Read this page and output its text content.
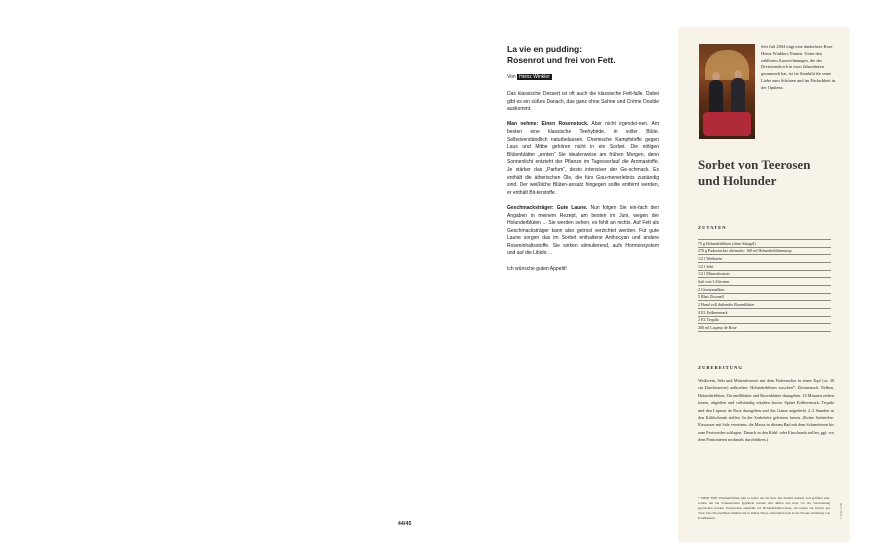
44/45
La vie en pudding:
Rosenrot und frei von Fett.
Von Heinz Winkler

Das klassische Dessert ist oft auch die klassische Fett-falle. Dabei gibt es ein süßes Danach, das ganz ohne Sahne und Crème Double auskommt.

Man nehme: Einen Rosenstock. Aber nicht irgendei-nen. Am besten eine klassische Teehybride, in voller Blüte. Selbstverständlich naturbelassen. Chemische Kampfstoffe gegen Laus und Mitbe gehören nicht in ein Sorbet. Die nötigen Blütenblätter „ernten“ Sie idealerweise am frühen Morgen, denn Sonnenlicht entzieht der Pflanze im Tagesverlauf die Aromastoffe. Je stärker das „Parfum“, desto intensiver der Ge-schmack. Es enthält die ätherischen Öle, die fürs Gau-menerlebnis zuständig sind. Der weißliche Blüten-ansatz hingegen sollte entfernt werden, er enthält Bit-terstoffe.

Geschmacksträger: Gute Laune. Nun folgen Sie ein-fach den Angaben in meinem Rezept, am besten im Juni, wegen der Holunderblüten ... Sie werden sehen, es fehlt an nichts. Auf Fett als Geschmacksträger kann also getrost verzichtet werden. Für gute Laune sorgen das im Sorbet enthaltene Anthocyan und andere Roseninhaltsstoffe. Sie wirken stimulierend, aufs Hormonsystem und auf die Libido ...

Ich wünsche guten Appetit!

Seit Juli 2004 trägt eine dunkelrote Rose Heinz Winklers Namen. Unter den zahllosen Auszeichnungen, die der Dreisternekoch in zwei Jahrzehnten gesammelt hat, ist sie Sinnbild für seine Liebe zum Schönen und im Einfachheit in der Opulenz.
Sorbet von Teerosen
und Holunder
ZUTATEN
75 g Holunderblüten (ohne Stängel)
270 g Puderzucker alternativ: 160 ml Holunderblütensirup
1/2 l Weißwein
1/2 l Sekt
1/2 l Mineralwasser
Saft von 3 Zitronen
2 Gewürznelken
5 Blatt Zitronell
2 Hand voll duftender Rosenblätter
4 EL Erdbeermark
2 EL Tequila
200 ml Liqueur de Rose
ZUBEREITUNG

Weißwein, Sekt und Mineralwasser mit dem Puderzucker in einen Topf (ca. 30 cm Durchmesser) aufkochen. Holunderblüten waschen*. Zitronensaft, Nelken, Holunderblüten, Zitronellblätter und Rosenblätter dazugeben. 10 Minuten ziehen lassen, abgießen und vollständig erkalten lassen. Später Erdbeermark, Tequila und den Liqueur de Rose dazugeben und das Ganze ungedeckt 2–3 Stunden in den Kühlschrank stellen. In der Sorbetière gefrieren lassen. (Keine Sorbetière: Eiswasser mit Salz versetzen, die Masse in diesem Bad mit dem Schneebesen bis zum Festwerden schlagen. Danach in den Kühl- oder Eisschrank stellen, ggf. vor dem Portionieren nochmals durchrühren.)

* MEIN TIPP: Holunderblüten gibt es leider nur im Juni. Die Dolden müssen voll geöffnet sein, sollten nur bei Sonnenschein gepflückt werden und dürfen erst kurz vor der Verarbeitung gewaschen werden. Ersatzweise empfehle ich Holunderblüten-sirup, am besten aus Dorles aus Tirol. Das Zitronellblatt erhalten Sie in Indian Shops, manchmal auch in der Exoten-Abteilung von Kaufhäusern.	© Foto: CSB
